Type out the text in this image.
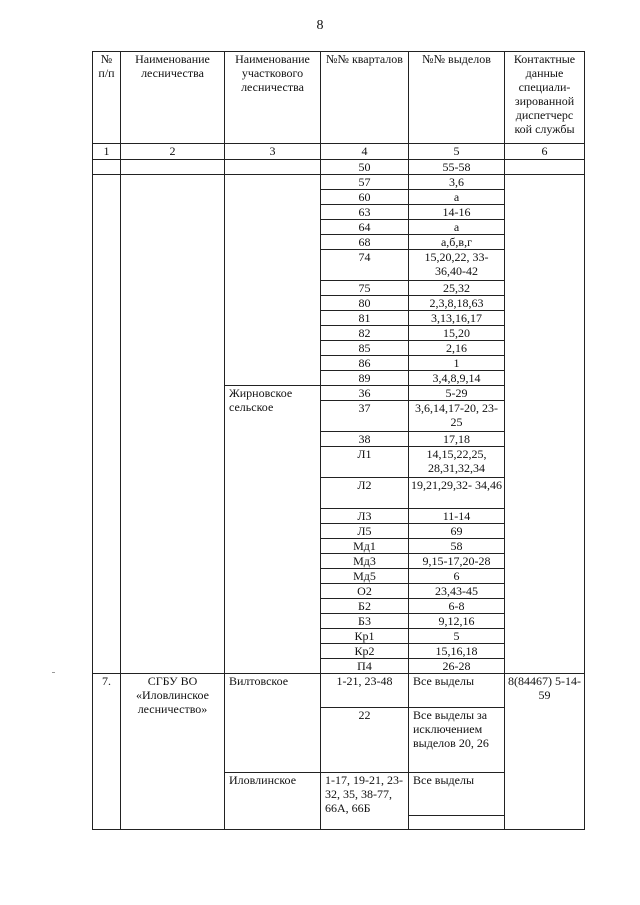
8
№ п/п	Наименование лесничества	Наименование участкового лесничества	№№ кварталов	№№ выделов	Контактные данные специали-зированной диспетчерс кой службы
1	2	3	4	5	6
			50	55-58	
			57	3,6	
			60	а	
			63	14-16	
			64	а	
			68	а,б,в,г	
			74	15,20,22, 33-36,40-42	
			75	25,32	
			80	2,3,8,18,63	
			81	3,13,16,17	
			82	15,20	
			85	2,16	
			86	1	
			89	3,4,8,9,14	
		Жирновское сельское	36	5-29	
			37	3,6,14,17-20, 23-25	
			38	17,18	
			Л1	14,15,22,25, 28,31,32,34	
			Л2	19,21,29,32- 34,46	
			Л3	11-14	
			Л5	69	
			Мд1	58	
			Мд3	9,15-17,20-28	
			Мд5	6	
			О2	23,43-45	
			Б2	6-8	
			Б3	9,12,16	
			Кр1	5	
			Кр2	15,16,18	
			П4	26-28	
7.	СГБУ ВО «Иловлинское лесничество»	Вилтовское	1-21, 23-48	Все выделы	8(84467) 5-14-59
			22	Все выделы за исключением выделов 20, 26	
		Иловлинское	1-17, 19-21, 23-32, 35, 38-77, 66А, 66Б	Все выделы	
